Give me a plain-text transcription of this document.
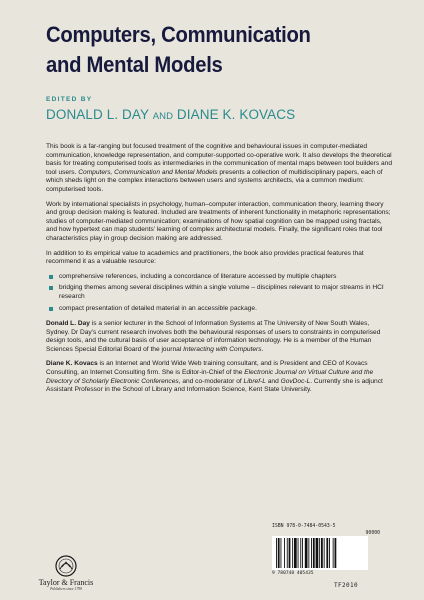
Computers, Communication
and Mental Models
EDITED BY
DONALD L. DAY AND DIANE K. KOVACS

This book is a far-ranging but focused treatment of the cognitive and behavioural issues in computer-mediated communication, knowledge representation, and computer-supported co-operative work. It also develops the theoretical basis for treating computerised tools as intermediaries in the communication of mental maps between tool builders and tool users. Computers, Communication and Mental Models presents a collection of multidisciplinary papers, each of which sheds light on the complex interactions between users and systems architects, via a common medium: computerised tools.

Work by international specialists in psychology, human–computer interaction, communication theory, learning theory and group decision making is featured. Included are treatments of inherent functionality in metaphoric representations; studies of computer-mediated communication; examinations of how spatial cognition can be mapped using fractals, and how hypertext can map students’ learning of complex architectural models. Finally, the significant roles that tool characteristics play in group decision making are addressed.

In addition to its empirical value to academics and practitioners, the book also provides practical features that recommend it as a valuable resource:

comprehensive references, including a concordance of literature accessed by multiple chapters
bridging themes among several disciplines within a single volume – disciplines relevant to major streams in HCI research
compact presentation of detailed material in an accessible package.

Donald L. Day is a senior lecturer in the School of Information Systems at The University of New South Wales, Sydney. Dr Day’s current research involves both the behavioural responses of users to constraints in computerised design tools, and the cultural basis of user acceptance of information technology. He is a member of the Human Sciences Special Editorial Board of the journal Interacting with Computers.

Diane K. Kovacs is an Internet and World Wide Web training consultant, and is President and CEO of Kovacs Consulting, an Internet Consulting firm. She is Editor-in-Chief of the Electronic Journal on Virtual Culture and the Directory of Scholarly Electronic Conferences, and co-moderator of Libref-L and GovDoc-L. Currently she is adjunct Assistant Professor in the School of Library and Information Science, Kent State University.

Taylor & Francis
Publishers since 1798
ISBN 978-0-7484-0543-5
90000
9 780748 405435
TF2010
